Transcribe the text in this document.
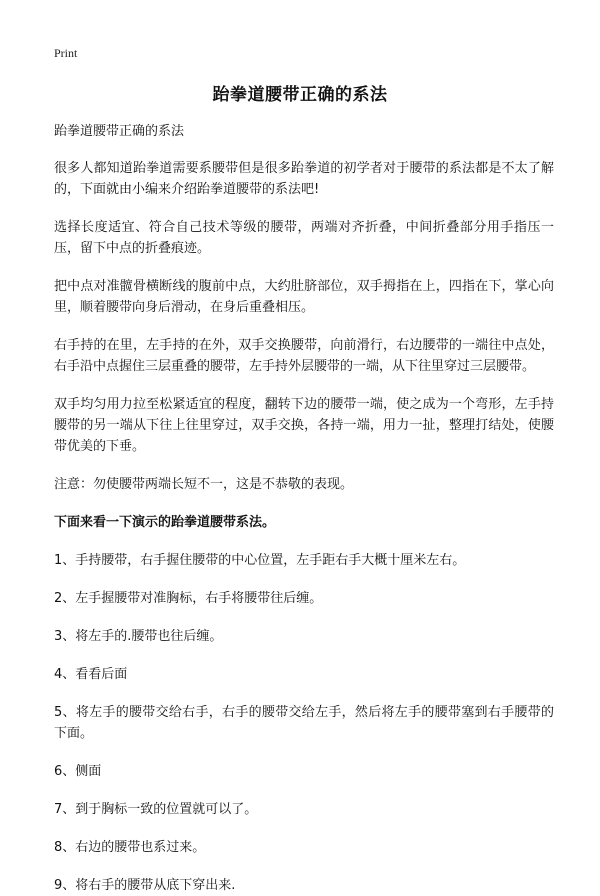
Print
跆拳道腰带正确的系法

跆拳道腰带正确的系法

很多人都知道跆拳道需要系腰带但是很多跆拳道的初学者对于腰带的系法都是不太了解的，下面就由小编来介绍跆拳道腰带的系法吧!

选择长度适宜、符合自己技术等级的腰带，两端对齐折叠，中间折叠部分用手指压一压，留下中点的折叠痕迹。

把中点对准髋骨横断线的腹前中点，大约肚脐部位，双手拇指在上，四指在下，掌心向里，顺着腰带向身后滑动，在身后重叠相压。

右手持的在里，左手持的在外，双手交换腰带，向前滑行，右边腰带的一端往中点处，右手沿中点握住三层重叠的腰带，左手持外层腰带的一端，从下往里穿过三层腰带。

双手均匀用力拉至松紧适宜的程度，翻转下边的腰带一端，使之成为一个弯形，左手持腰带的另一端从下往上往里穿过，双手交换，各持一端，用力一扯，整理打结处，使腰带优美的下垂。

注意：勿使腰带两端长短不一，这是不恭敬的表现。

下面来看一下演示的跆拳道腰带系法。

1、手持腰带，右手握住腰带的中心位置，左手距右手大概十厘米左右。

2、左手握腰带对准胸标，右手将腰带往后缠。

3、将左手的.腰带也往后缠。

4、看看后面

5、将左手的腰带交给右手，右手的腰带交给左手，然后将左手的腰带塞到右手腰带的下面。

6、侧面

7、到于胸标一致的位置就可以了。

8、右边的腰带也系过来。

9、将右手的腰带从底下穿出来.
